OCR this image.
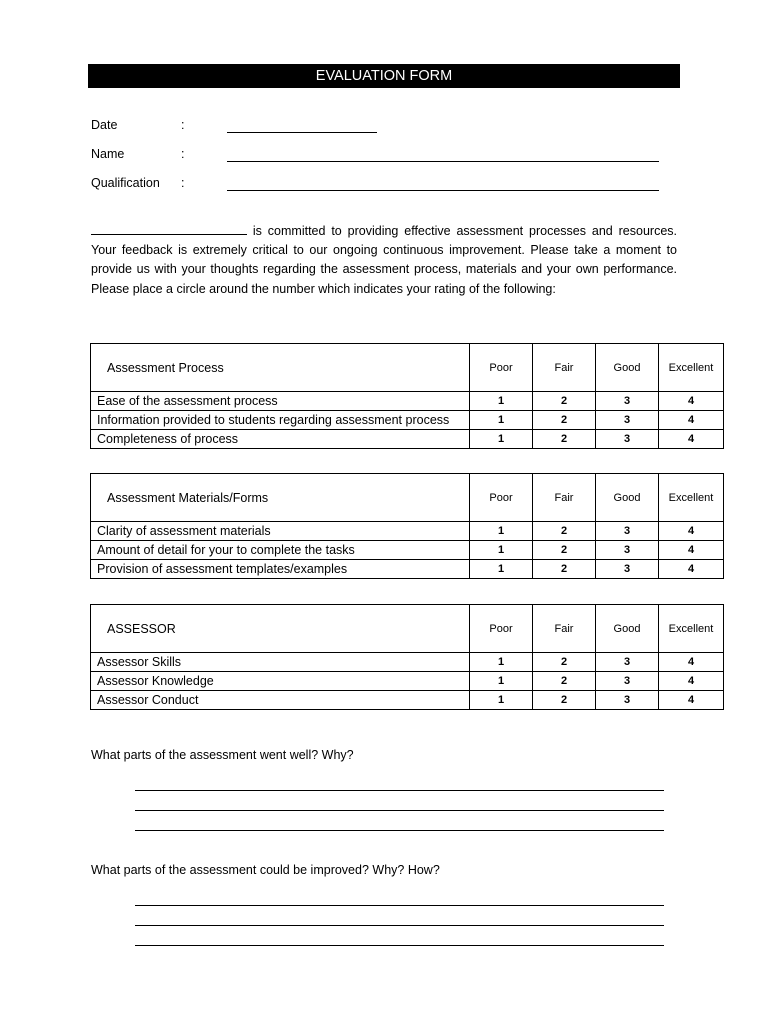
EVALUATION FORM
Date	:
Name	:
Qualification :
is committed to providing effective assessment processes and resources. Your feedback is extremely critical to our ongoing continuous improvement. Please take a moment to provide us with your thoughts regarding the assessment process, materials and your own performance. Please place a circle around the number which indicates your rating of the following:
Assessment Process	Poor	Fair	Good	Excellent
Ease of the assessment process	1	2	3	4
Information provided to students regarding assessment process	1	2	3	4
Completeness of process	1	2	3	4
Assessment Materials/Forms	Poor	Fair	Good	Excellent
Clarity of assessment materials	1	2	3	4
Amount of detail for your to complete the tasks	1	2	3	4
Provision of assessment templates/examples	1	2	3	4
ASSESSOR	Poor	Fair	Good	Excellent
Assessor Skills	1	2	3	4
Assessor Knowledge	1	2	3	4
Assessor Conduct	1	2	3	4
What parts of the assessment went well? Why?
What parts of the assessment could be improved? Why? How?
